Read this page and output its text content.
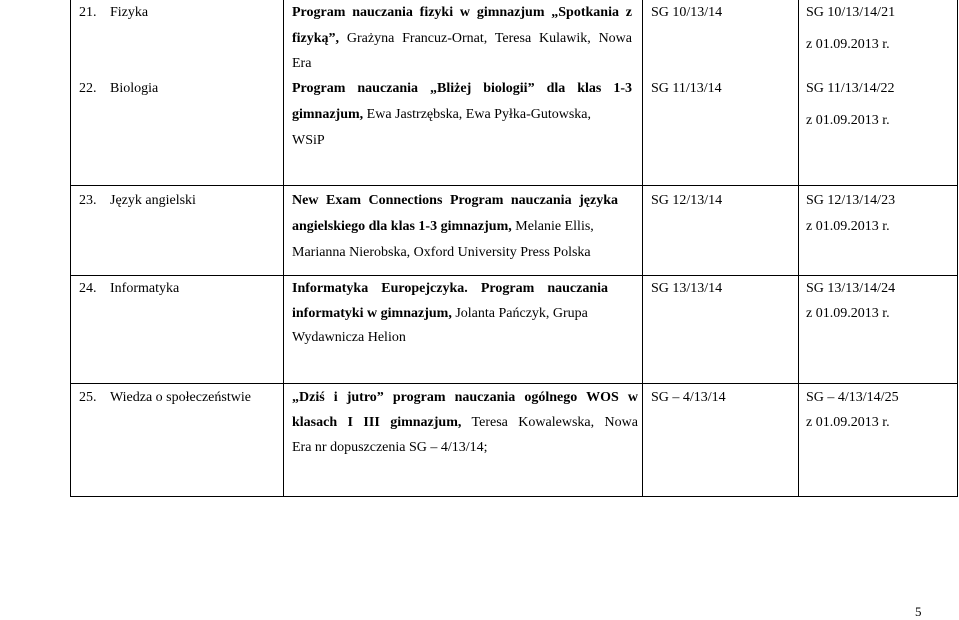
21. Fizyka	Program nauczania fizyki w gimnazjum „Spotkania z
fizyką”, Grażyna Francuz-Ornat, Teresa Kulawik, Nowa
Era
SG 10/13/14	SG 10/13/14/21
z 01.09.2013 r.
22. Biologia	Program nauczania „Bliżej biologii” dla klas 1-3
gimnazjum, Ewa Jastrzębska, Ewa Pyłka-Gutowska,
WSiP
SG 11/13/14	SG 11/13/14/22
z 01.09.2013 r.
23. Język angielski	New Exam Connections Program nauczania języka
angielskiego dla klas 1-3 gimnazjum, Melanie Ellis,
Marianna Nierobska, Oxford University Press Polska
SG 12/13/14	SG 12/13/14/23
z 01.09.2013 r.
24. Informatyka	Informatyka Europejczyka. Program nauczania
informatyki w gimnazjum, Jolanta Pańczyk, Grupa
Wydawnicza Helion
SG 13/13/14	SG 13/13/14/24
z 01.09.2013 r.
25. Wiedza o społeczeństwie	„Dziś i jutro” program nauczania ogólnego WOS w
klasach I III gimnazjum, Teresa Kowalewska, Nowa
Era nr dopuszczenia SG – 4/13/14;
SG – 4/13/14	SG – 4/13/14/25
z 01.09.2013 r.
5
